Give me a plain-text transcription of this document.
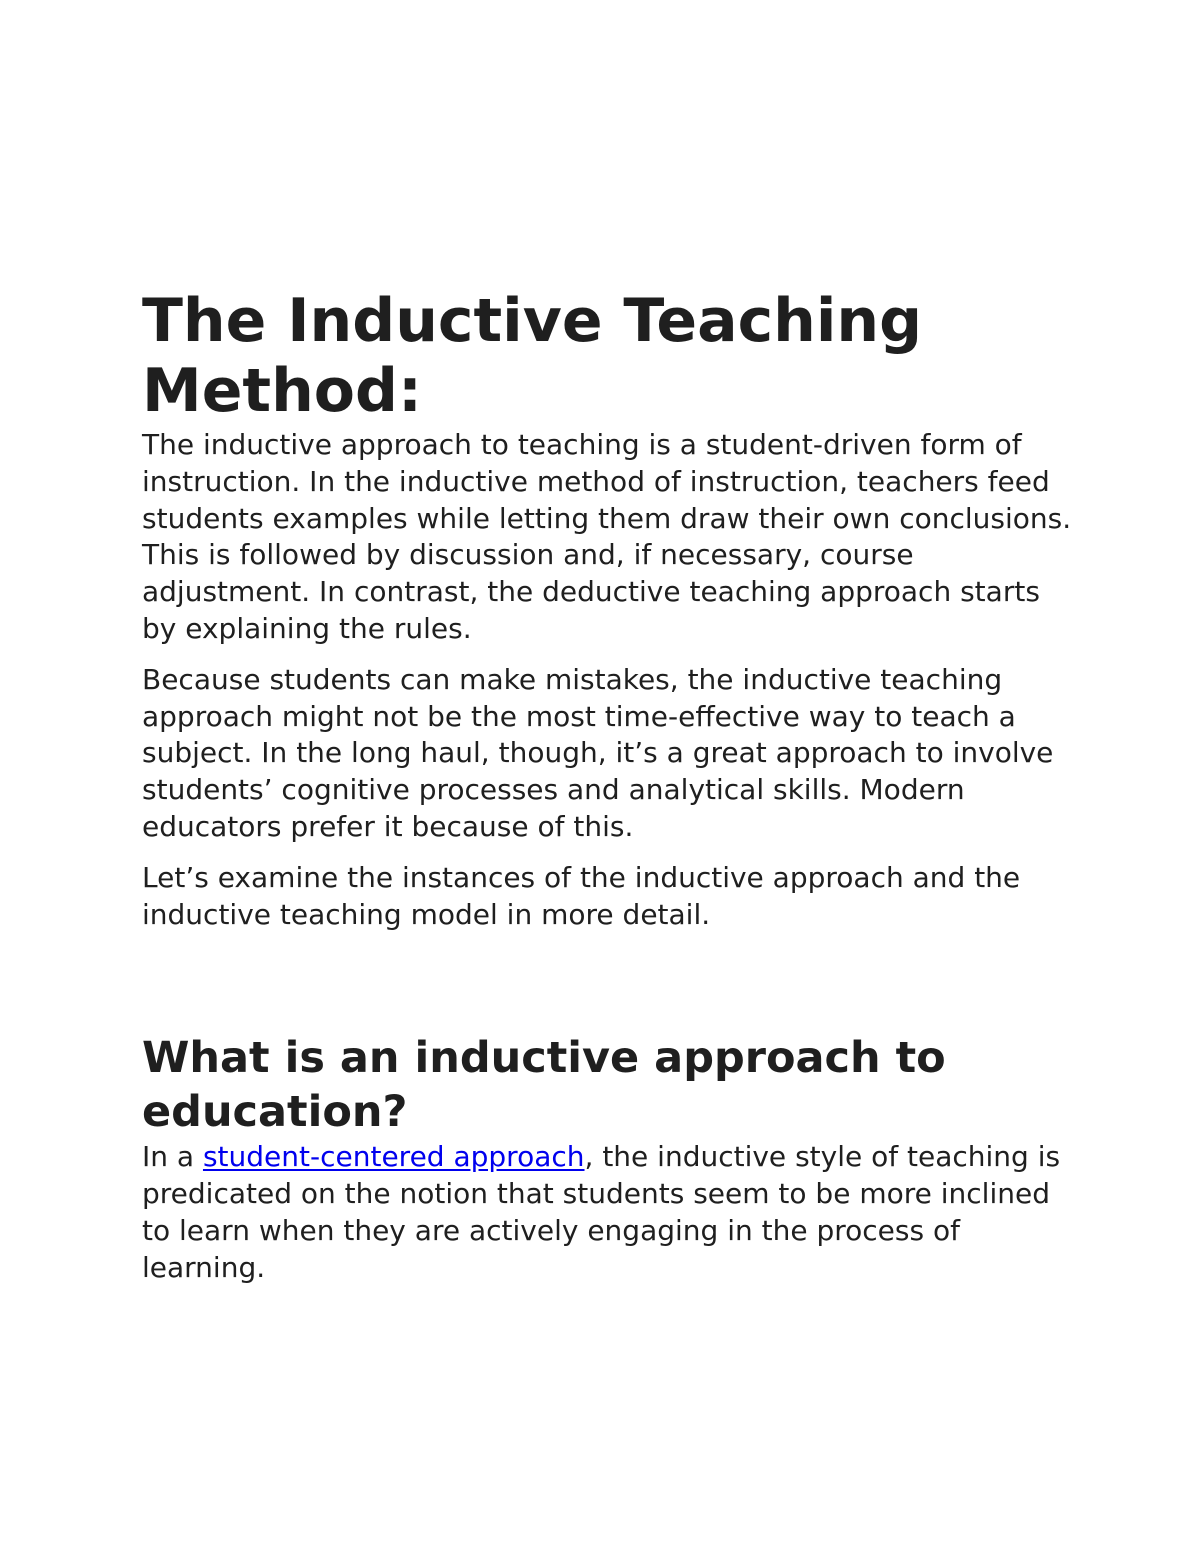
The Inductive Teaching Method:

The inductive approach to teaching is a student-driven form of instruction. In the inductive method of instruction, teachers feed students examples while letting them draw their own conclusions. This is followed by discussion and, if necessary, course adjustment. In contrast, the deductive teaching approach starts by explaining the rules.

Because students can make mistakes, the inductive teaching approach might not be the most time-effective way to teach a subject. In the long haul, though, it’s a great approach to involve students’ cognitive processes and analytical skills. Modern educators prefer it because of this.

Let’s examine the instances of the inductive approach and the inductive teaching model in more detail.

What is an inductive approach to education?

In a student-centered approach, the inductive style of teaching is predicated on the notion that students seem to be more inclined to learn when they are actively engaging in the process of learning.
